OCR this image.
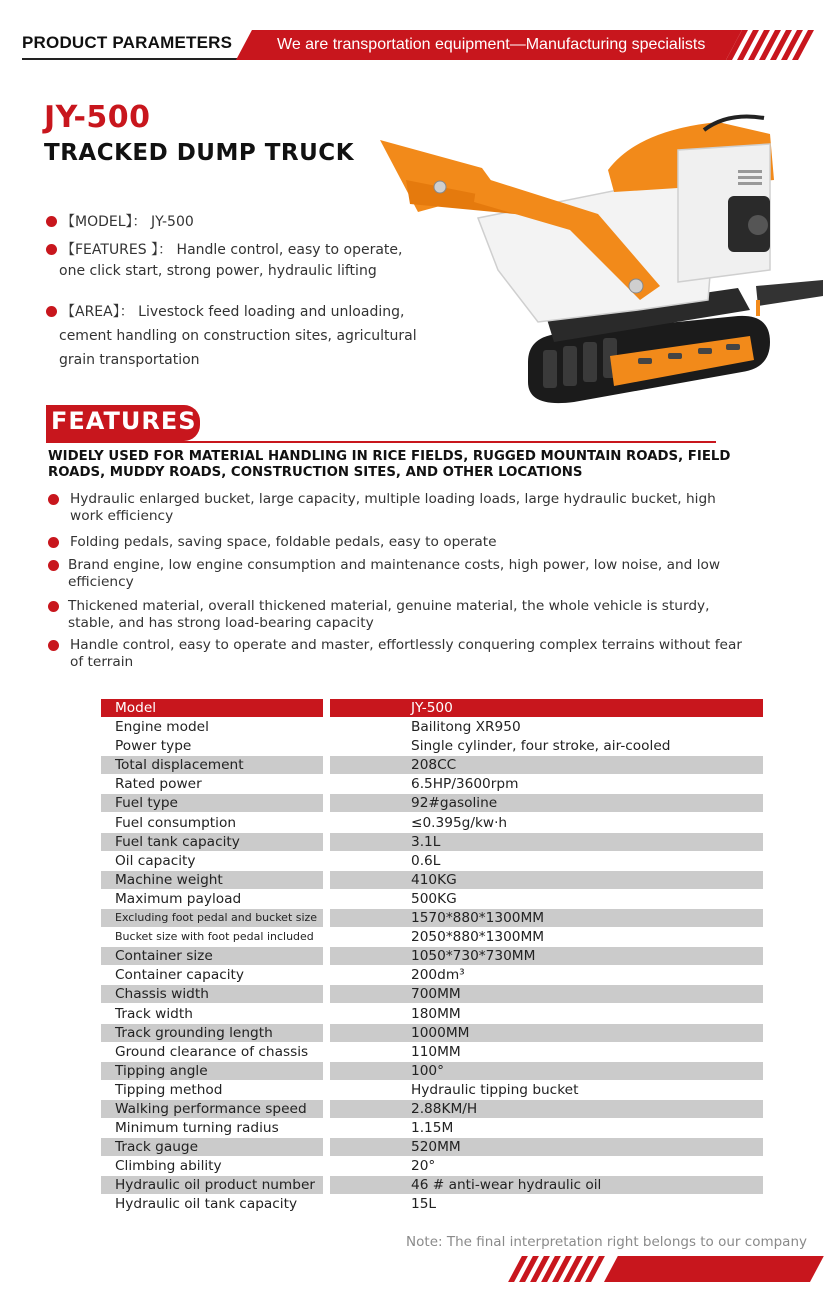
PRODUCT PARAMETERS	We are transportation equipment—Manufacturing specialists
JY-500
TRACKED DUMP TRUCK
【MODEL】： JY-500
【FEATURES 】： Handle control, easy to operate,
one click start, strong power, hydraulic lifting
【AREA】： Livestock feed loading and unloading,
cement handling on construction sites, agricultural
grain transportation
FEATURES
WIDELY USED FOR MATERIAL HANDLING IN RICE FIELDS, RUGGED MOUNTAIN ROADS, FIELD ROADS, MUDDY ROADS, CONSTRUCTION SITES, AND OTHER LOCATIONS
Hydraulic enlarged bucket, large capacity, multiple loading loads, large hydraulic bucket, high work efficiency
Folding pedals, saving space, foldable pedals, easy to operate
Brand engine, low engine consumption and maintenance costs, high power, low noise, and low efficiency
Thickened material, overall thickened material, genuine material, the whole vehicle is sturdy, stable, and has strong load-bearing capacity
Handle control, easy to operate and master, effortlessly conquering complex terrains without fear of terrain
Model	JY-500
Engine model	Bailitong XR950
Power type	Single cylinder, four stroke, air-cooled
Total displacement	208CC
Rated power	6.5HP/3600rpm
Fuel type	92#gasoline
Fuel consumption	≤0.395g/kw·h
Fuel tank capacity	3.1L
Oil capacity	0.6L
Machine weight	410KG
Maximum payload	500KG
Excluding foot pedal and bucket size	1570*880*1300MM
Bucket size with foot pedal included	2050*880*1300MM
Container size	1050*730*730MM
Container capacity	200dm³
Chassis width	700MM
Track width	180MM
Track grounding length	1000MM
Ground clearance of chassis	110MM
Tipping angle	100°
Tipping method	Hydraulic tipping bucket
Walking performance speed	2.88KM/H
Minimum turning radius	1.15M
Track gauge	520MM
Climbing ability	20°
Hydraulic oil product number	46 # anti-wear hydraulic oil
Hydraulic oil tank capacity	15L
Note: The final interpretation right belongs to our company
